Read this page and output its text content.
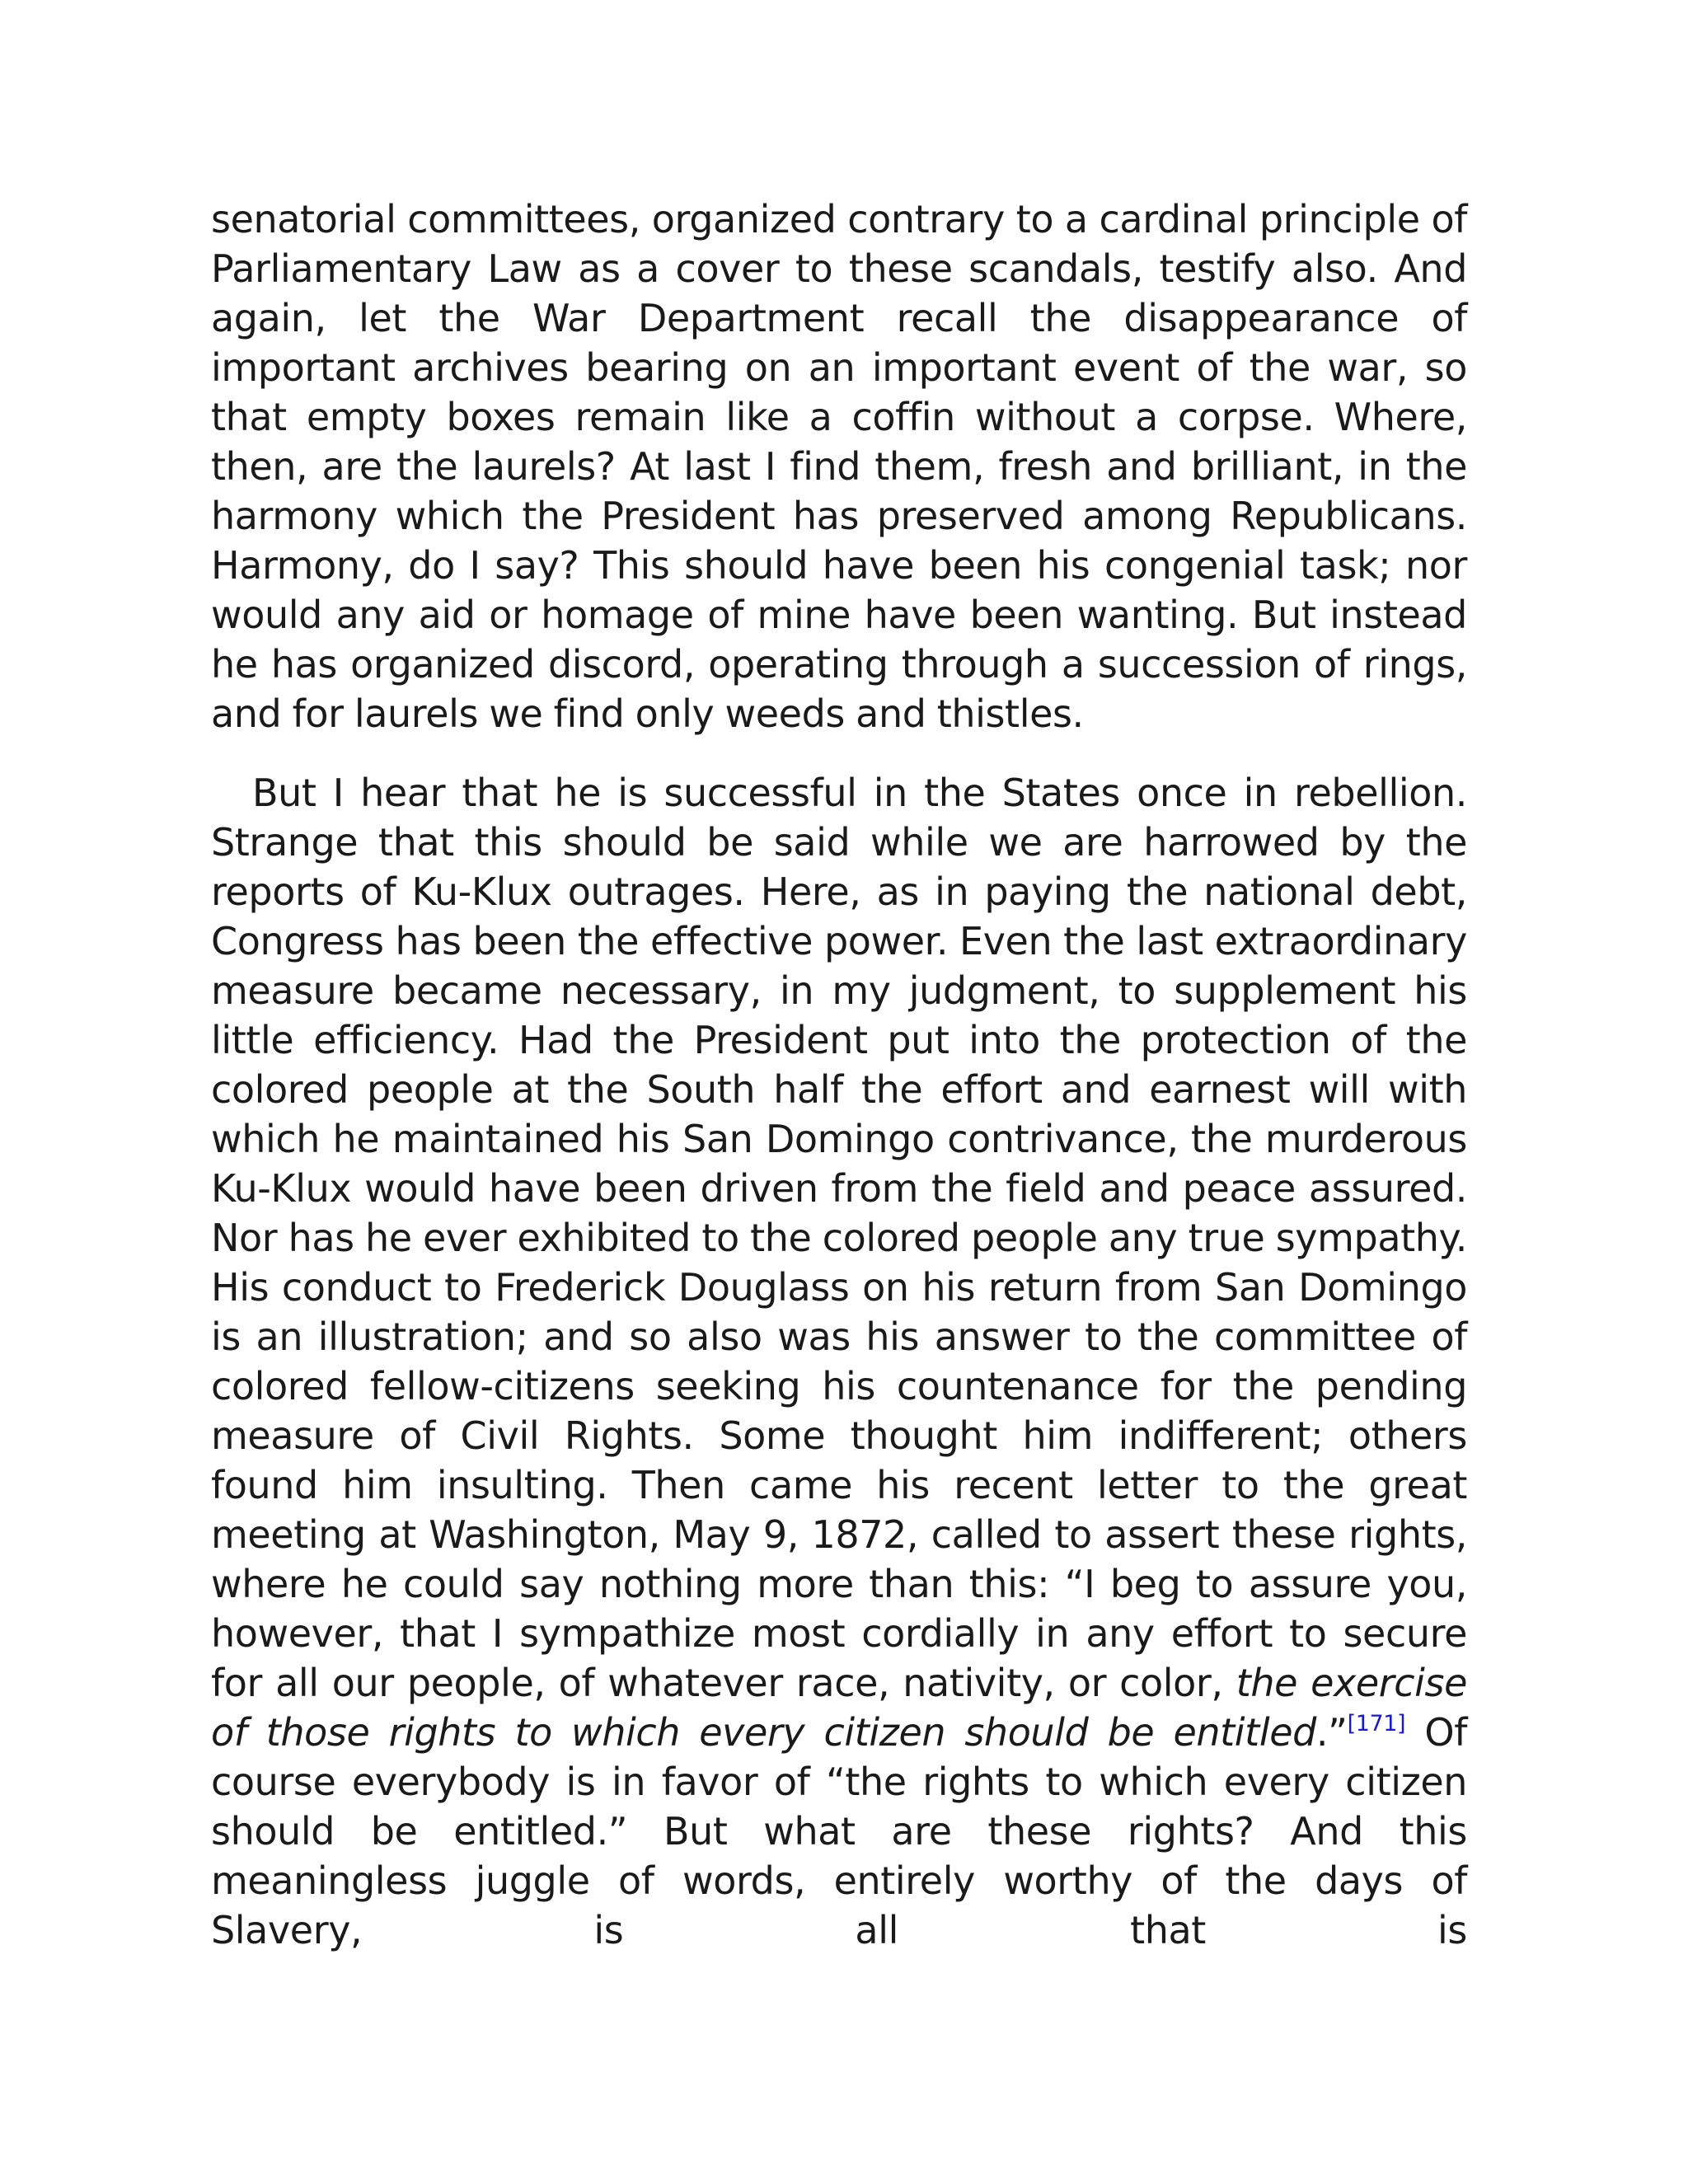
senatorial committees, organized contrary to a cardinal principle of Parliamentary Law as a cover to these scandals, testify also. And again, let the War Department recall the disappearance of important archives bearing on an important event of the war, so that empty boxes remain like a coffin without a corpse. Where, then, are the laurels? At last I find them, fresh and brilliant, in the harmony which the President has preserved among Republicans. Harmony, do I say? This should have been his congenial task; nor would any aid or homage of mine have been wanting. But instead he has organized discord, operating through a succession of rings, and for laurels we find only weeds and thistles.

But I hear that he is successful in the States once in rebellion. Strange that this should be said while we are harrowed by the reports of Ku-Klux outrages. Here, as in paying the national debt, Congress has been the effective power. Even the last extraordinary measure became necessary, in my judgment, to supplement his little efficiency. Had the President put into the protection of the colored people at the South half the effort and earnest will with which he maintained his San Domingo contrivance, the murderous Ku-Klux would have been driven from the field and peace assured. Nor has he ever exhibited to the colored people any true sympathy. His conduct to Frederick Douglass on his return from San Domingo is an illustration; and so also was his answer to the committee of colored fellow-citizens seeking his countenance for the pending measure of Civil Rights. Some thought him indifferent; others found him insulting. Then came his recent letter to the great meeting at Washington, May 9, 1872, called to assert these rights, where he could say nothing more than this: “I beg to assure you, however, that I sympathize most cordially in any effort to secure for all our people, of whatever race, nativity, or color, the exercise of those rights to which every citizen should be entitled.”[171] Of course everybody is in favor of “the rights to which every citizen should be entitled.” But what are these rights? And this meaningless juggle of words, entirely worthy of the days of Slavery, is all that is
